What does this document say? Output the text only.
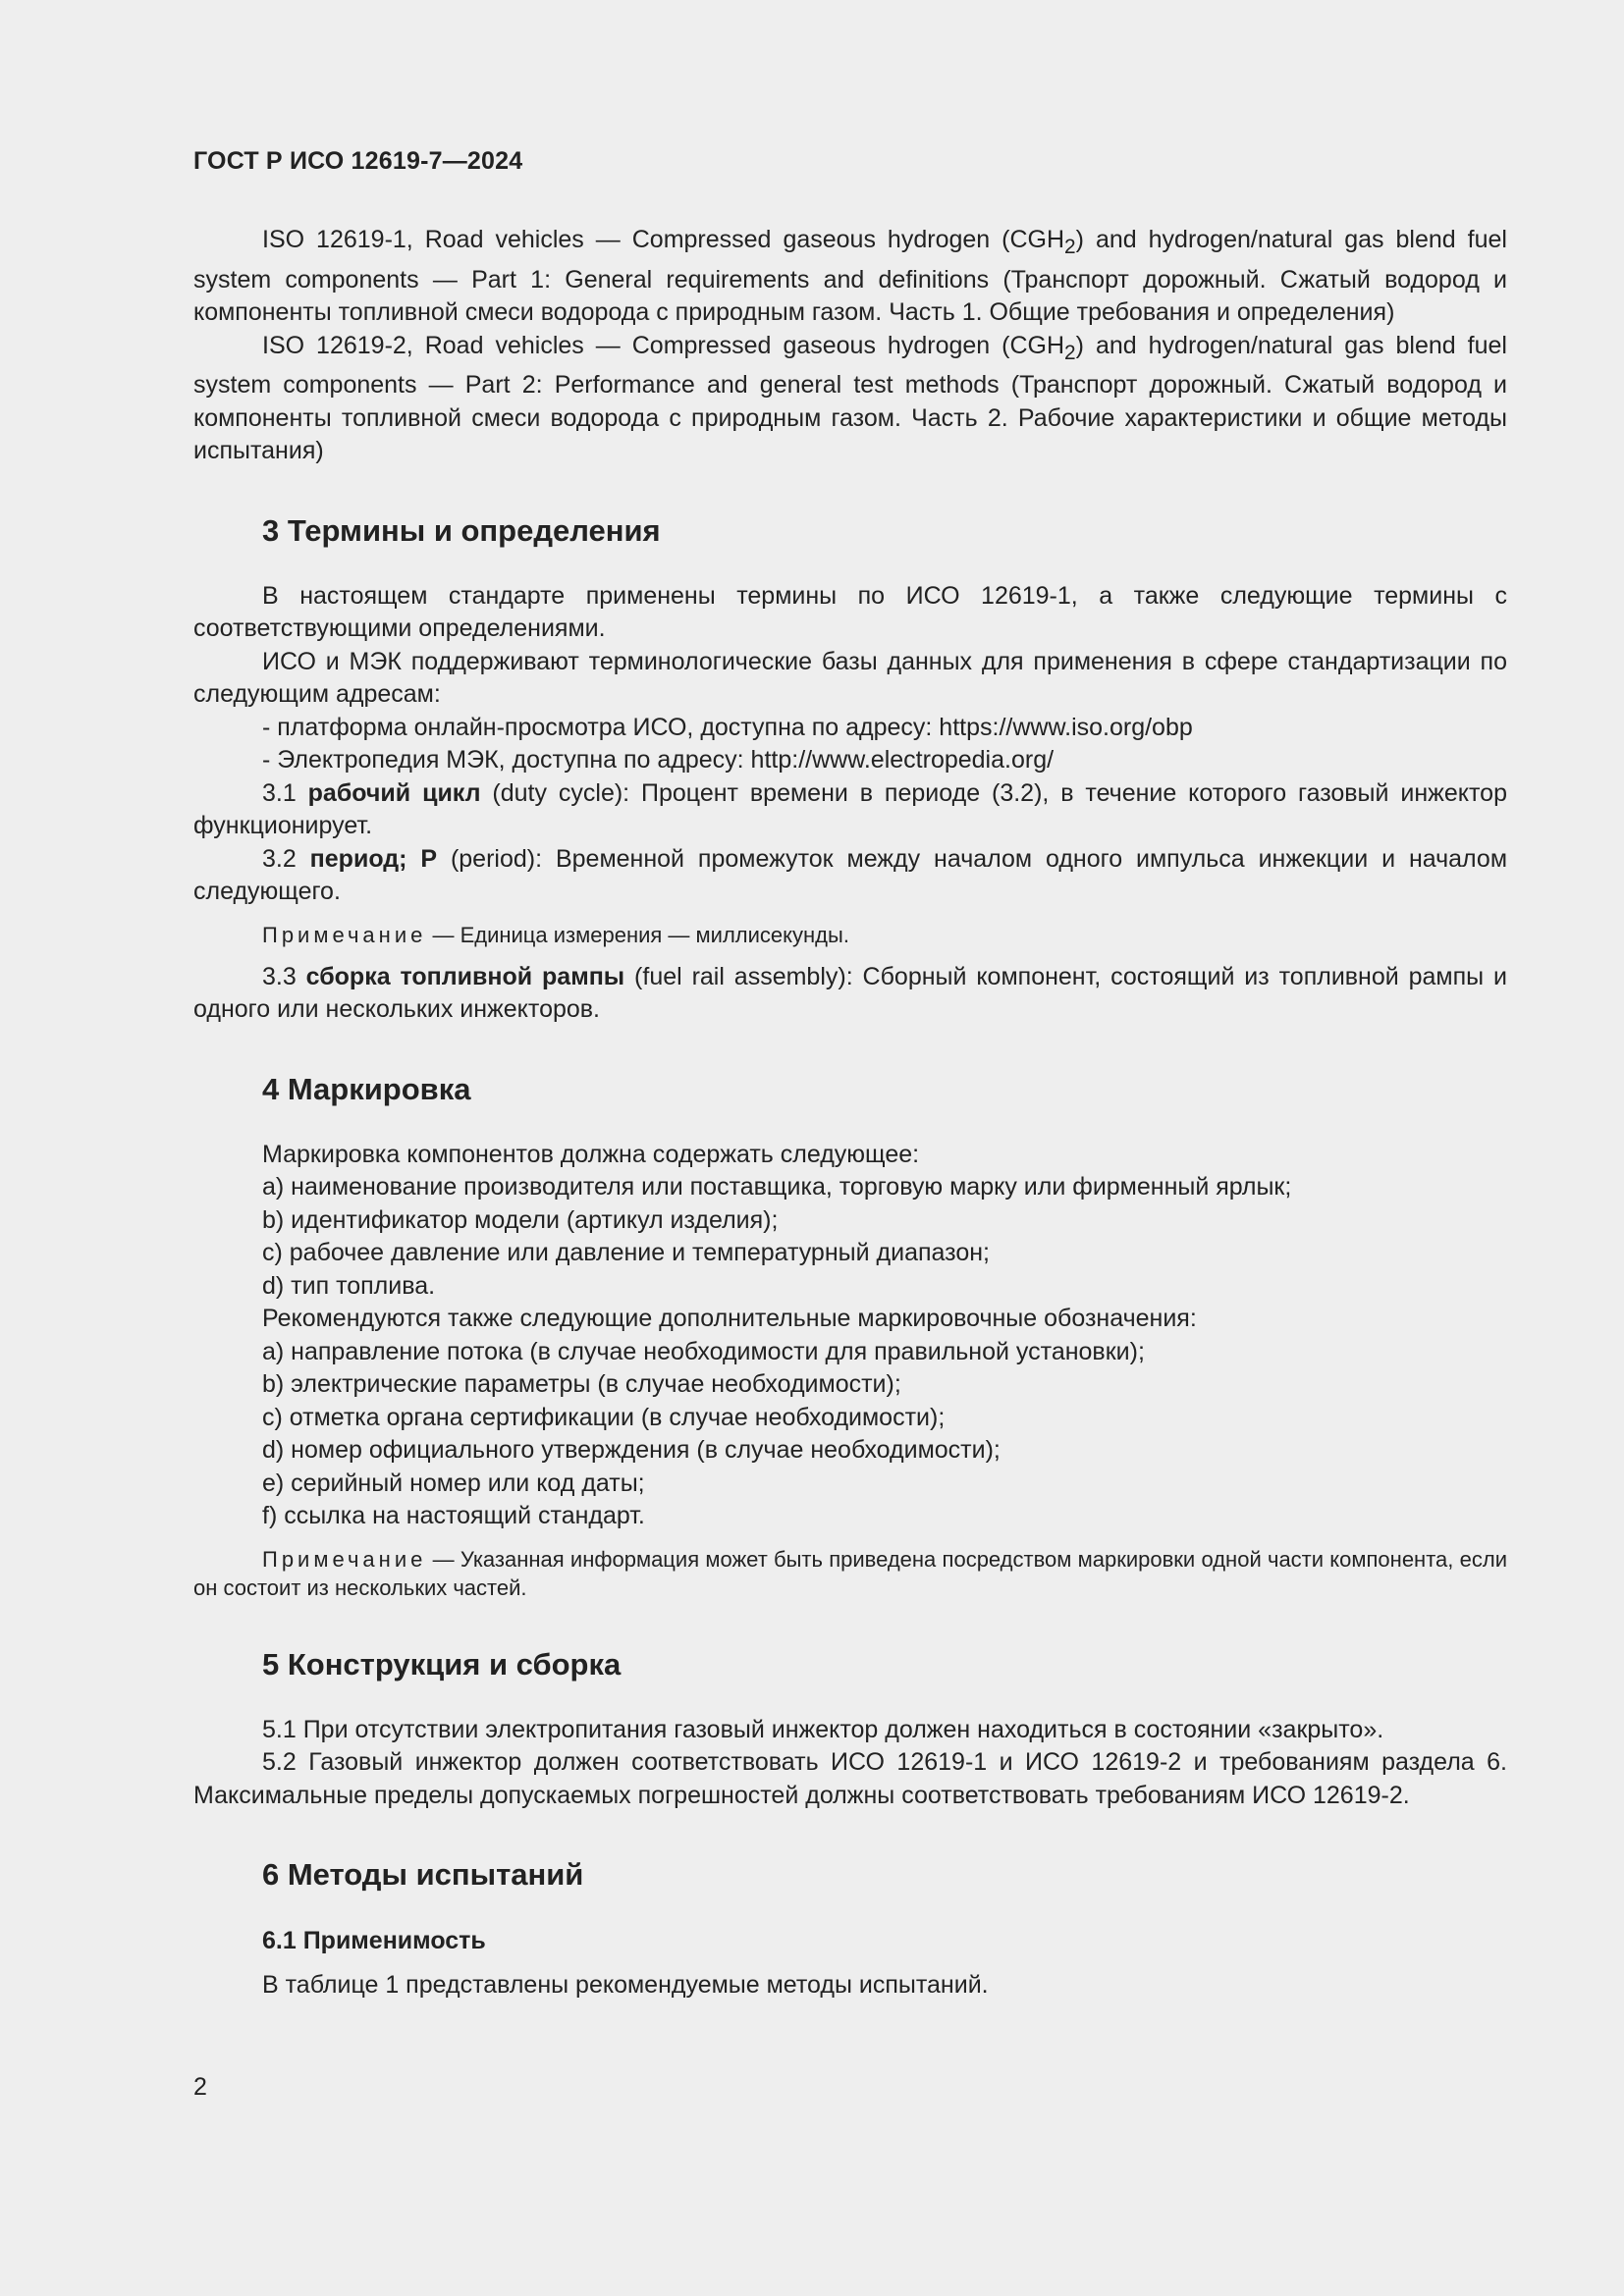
ГОСТ Р ИСО 12619-7—2024

ISO 12619-1, Road vehicles — Compressed gaseous hydrogen $(CGH_2)$ and hydrogen/natural gas blend fuel system components — Part 1: General requirements and definitions (Транспорт дорожный. Сжатый водород и компоненты топливной смеси водорода с природным газом. Часть 1. Общие требования и определения)

ISO 12619-2, Road vehicles — Compressed gaseous hydrogen $(CGH_2)$ and hydrogen/natural gas blend fuel system components — Part 2: Performance and general test methods (Транспорт дорожный. Сжатый водород и компоненты топливной смеси водорода с природным газом. Часть 2. Рабочие характеристики и общие методы испытания)

3 Термины и определения

В настоящем стандарте применены термины по ИСО 12619-1, а также следующие термины с соответствующими определениями.

ИСО и МЭК поддерживают терминологические базы данных для применения в сфере стандартизации по следующим адресам:

- платформа онлайн-просмотра ИСО, доступна по адресу: https://www.iso.org/obp

- Электропедия МЭК, доступна по адресу: http://www.electropedia.org/

3.1 рабочий цикл (duty cycle): Процент времени в периоде (3.2), в течение которого газовый инжектор функционирует.

3.2 период; P (period): Временной промежуток между началом одного импульса инжекции и началом следующего.

Примечание — Единица измерения — миллисекунды.

3.3 сборка топливной рампы (fuel rail assembly): Сборный компонент, состоящий из топливной рампы и одного или нескольких инжекторов.

4 Маркировка

Маркировка компонентов должна содержать следующее:

a) наименование производителя или поставщика, торговую марку или фирменный ярлык;

b) идентификатор модели (артикул изделия);

c) рабочее давление или давление и температурный диапазон;

d) тип топлива.

Рекомендуются также следующие дополнительные маркировочные обозначения:

a) направление потока (в случае необходимости для правильной установки);

b) электрические параметры (в случае необходимости);

c) отметка органа сертификации (в случае необходимости);

d) номер официального утверждения (в случае необходимости);

e) серийный номер или код даты;

f) ссылка на настоящий стандарт.

Примечание — Указанная информация может быть приведена посредством маркировки одной части компонента, если он состоит из нескольких частей.

5 Конструкция и сборка

5.1 При отсутствии электропитания газовый инжектор должен находиться в состоянии «закрыто».

5.2 Газовый инжектор должен соответствовать ИСО 12619-1 и ИСО 12619-2 и требованиям раздела 6. Максимальные пределы допускаемых погрешностей должны соответствовать требованиям ИСО 12619-2.

6 Методы испытаний
6.1 Применимость

В таблице 1 представлены рекомендуемые методы испытаний.

2
